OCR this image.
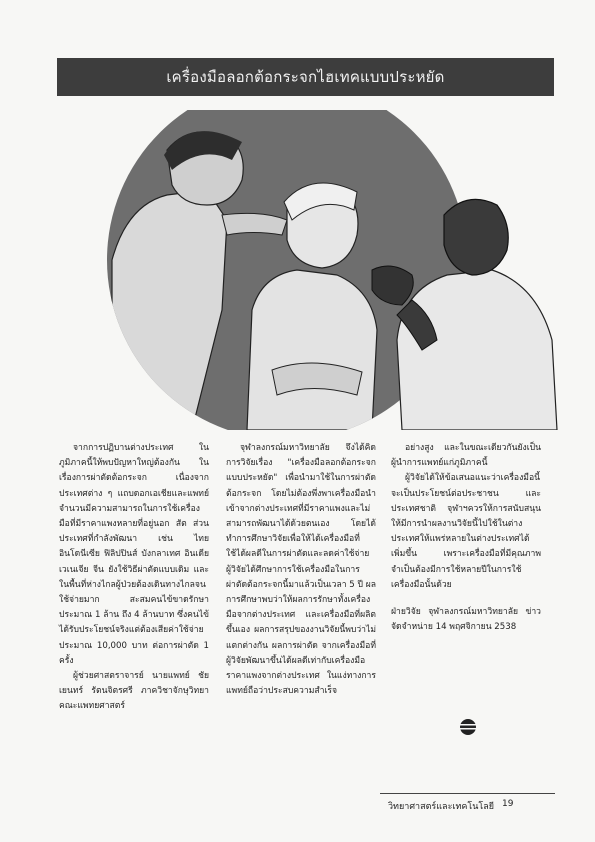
เครื่องมือลอกต้อกระจกไฮเทคแบบประหยัด

จากการปฏิบานต่างประเทศ ในภูมิภาคนี้ให้พบปัญหาใหญ่ต้องกัน ในเรื่องการผ่าตัดต้อกระจก เนื่องจากประเทศต่าง ๆ แถบดอกเอเชียและแพทย์จำนวนมีความสามารถในการใช้เครื่องมือที่มีราคาแพงหลายที่อยู่นอก สัต ส่วนประเทศที่กำลังพัฒนา เช่น ไทย อินโดนีเซีย ฟิลิปปินส์ บังกลาเทศ อินเดีย เวเนเจีย จีน ยังใช้วิธีผ่าตัดแบบเดิม และในพื้นที่ห่างไกลผู้ป่วยต้องเดินทางไกลจนใช้จ่ายมาก สะสมคนไข้ขาดรักษา ประมาณ 1 ล้าน ถึง 4 ล้านบาท ซึ่งคนไข้ได้รับประโยชน์จริงแต่ต้องเสียค่าใช้จ่ายประมาณ 10,000 บาท ต่อการผ่าตัด 1 ครั้ง

ผู้ช่วยศาสตราจารย์ นายแพทย์ ชัยเยนทร์ รัตนจิตรศรี ภาควิชาจักษุวิทยา คณะแพทยศาสตร์

จุฬาลงกรณ์มหาวิทยาลัย จึงได้คิดการวิจัยเรื่อง "เครื่องมือลอกต้อกระจกแบบประหยัด" เพื่อนำมาใช้ในการผ่าตัดต้อกระจก โดยไม่ต้องพึ่งพาเครื่องมือนำเข้าจากต่างประเทศที่มีราคาแพงและไม่สามารถพัฒนาได้ด้วยตนเอง โดยได้ทำการศึกษาวิจัยเพื่อให้ได้เครื่องมือที่ใช้ได้ผลดีในการผ่าตัดและลดค่าใช้จ่าย ผู้วิจัยได้ศึกษาการใช้เครื่องมือในการผ่าตัดต้อกระจกนี้มาแล้วเป็นเวลา 5 ปี ผลการศึกษาพบว่าให้ผลการรักษาทั้งเครื่องมือจากต่างประเทศ และเครื่องมือที่ผลิตขึ้นเอง ผลการสรุปของงานวิจัยนี้พบว่าไม่แตกต่างกัน ผลการผ่าตัด จากเครื่องมือที่ผู้วิจัยพัฒนาขึ้นได้ผลดีเท่ากับเครื่องมือราคาแพงจากต่างประเทศ ในแง่ทางการแพทย์ถือว่าประสบความสำเร็จ

อย่างสูง และในขณะเดียวกันยังเป็นผู้นำการแพทย์แก่ภูมิภาคนี้

ผู้วิจัยได้ให้ข้อเสนอแนะว่าเครื่องมือนี้จะเป็นประโยชน์ต่อประชาชน และประเทศชาติ จุฬาฯควรให้การสนับสนุนให้มีการนำผลงานวิจัยนี้ไปใช้ในต่างประเทศให้แพร่หลายในต่างประเทศได้เพิ่มขึ้น เพราะเครื่องมือที่มีคุณภาพ จำเป็นต้องมีการใช้หลายปีในการใช้เครื่องมือนั้นด้วย

ฝ่ายวิจัย จุฬาลงกรณ์มหาวิทยาลัย ข่าวจัดจำหน่าย 14 พฤศจิกายน 2538

วิทยาศาสตร์และเทคโนโลยี 19
